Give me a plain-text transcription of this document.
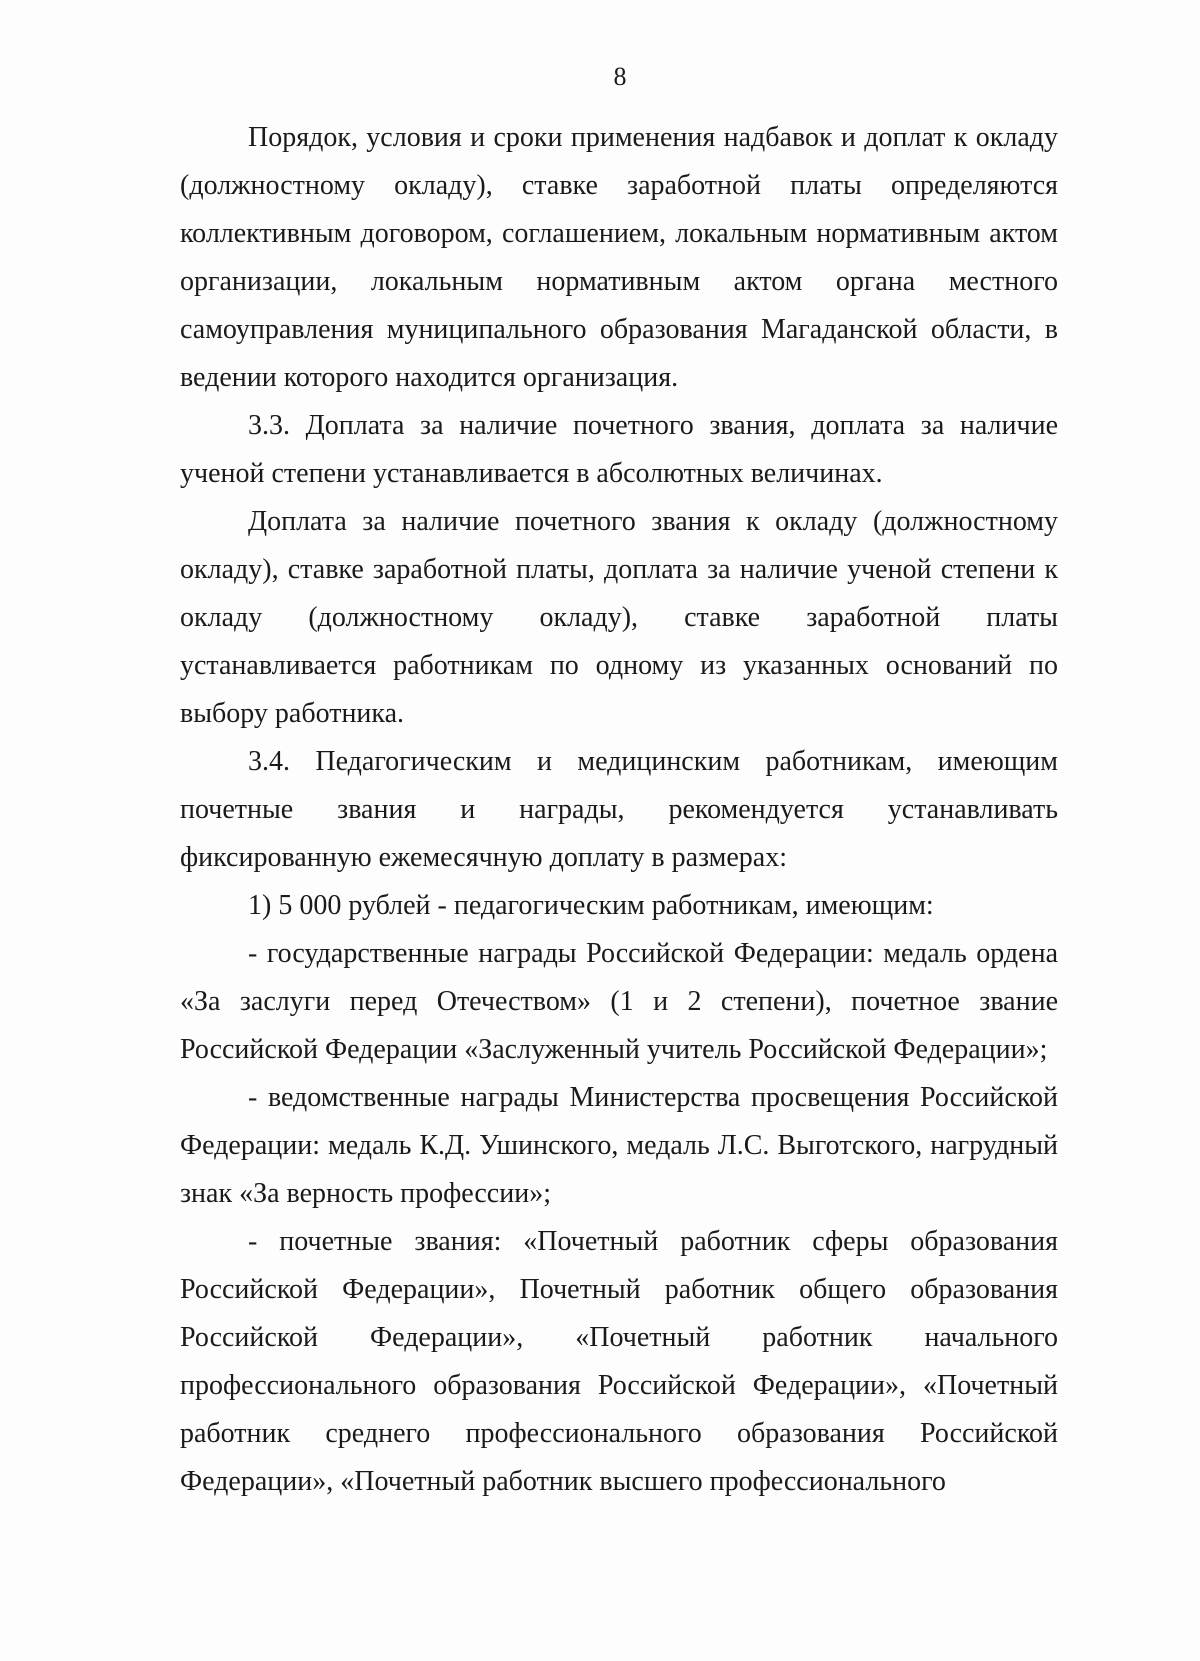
8

Порядок, условия и сроки применения надбавок и доплат к окладу (должностному окладу), ставке заработной платы определяются коллективным договором, соглашением, локальным нормативным актом организации, локальным нормативным актом органа местного самоуправления муниципального образования Магаданской области, в ведении которого находится организация.

3.3. Доплата за наличие почетного звания, доплата за наличие ученой степени устанавливается в абсолютных величинах.

Доплата за наличие почетного звания к окладу (должностному окладу), ставке заработной платы, доплата за наличие ученой степени к окладу (должностному окладу), ставке заработной платы устанавливается работникам по одному из указанных оснований по выбору работника.

3.4. Педагогическим и медицинским работникам, имеющим почетные звания и награды, рекомендуется устанавливать фиксированную ежемесячную доплату в размерах:

1) 5 000 рублей - педагогическим работникам, имеющим:

- государственные награды Российской Федерации: медаль ордена «За заслуги перед Отечеством» (1 и 2 степени), почетное звание Российской Федерации «Заслуженный учитель Российской Федерации»;

- ведомственные награды Министерства просвещения Российской Федерации: медаль К.Д. Ушинского, медаль Л.С. Выготского, нагрудный знак «За верность профессии»;

- почетные звания: «Почетный работник сферы образования Российской Федерации», Почетный работник общего образования Российской Федерации», «Почетный работник начального профессионального образования Российской Федерации», «Почетный работник среднего профессионального образования Российской Федерации», «Почетный работник высшего профессионального
